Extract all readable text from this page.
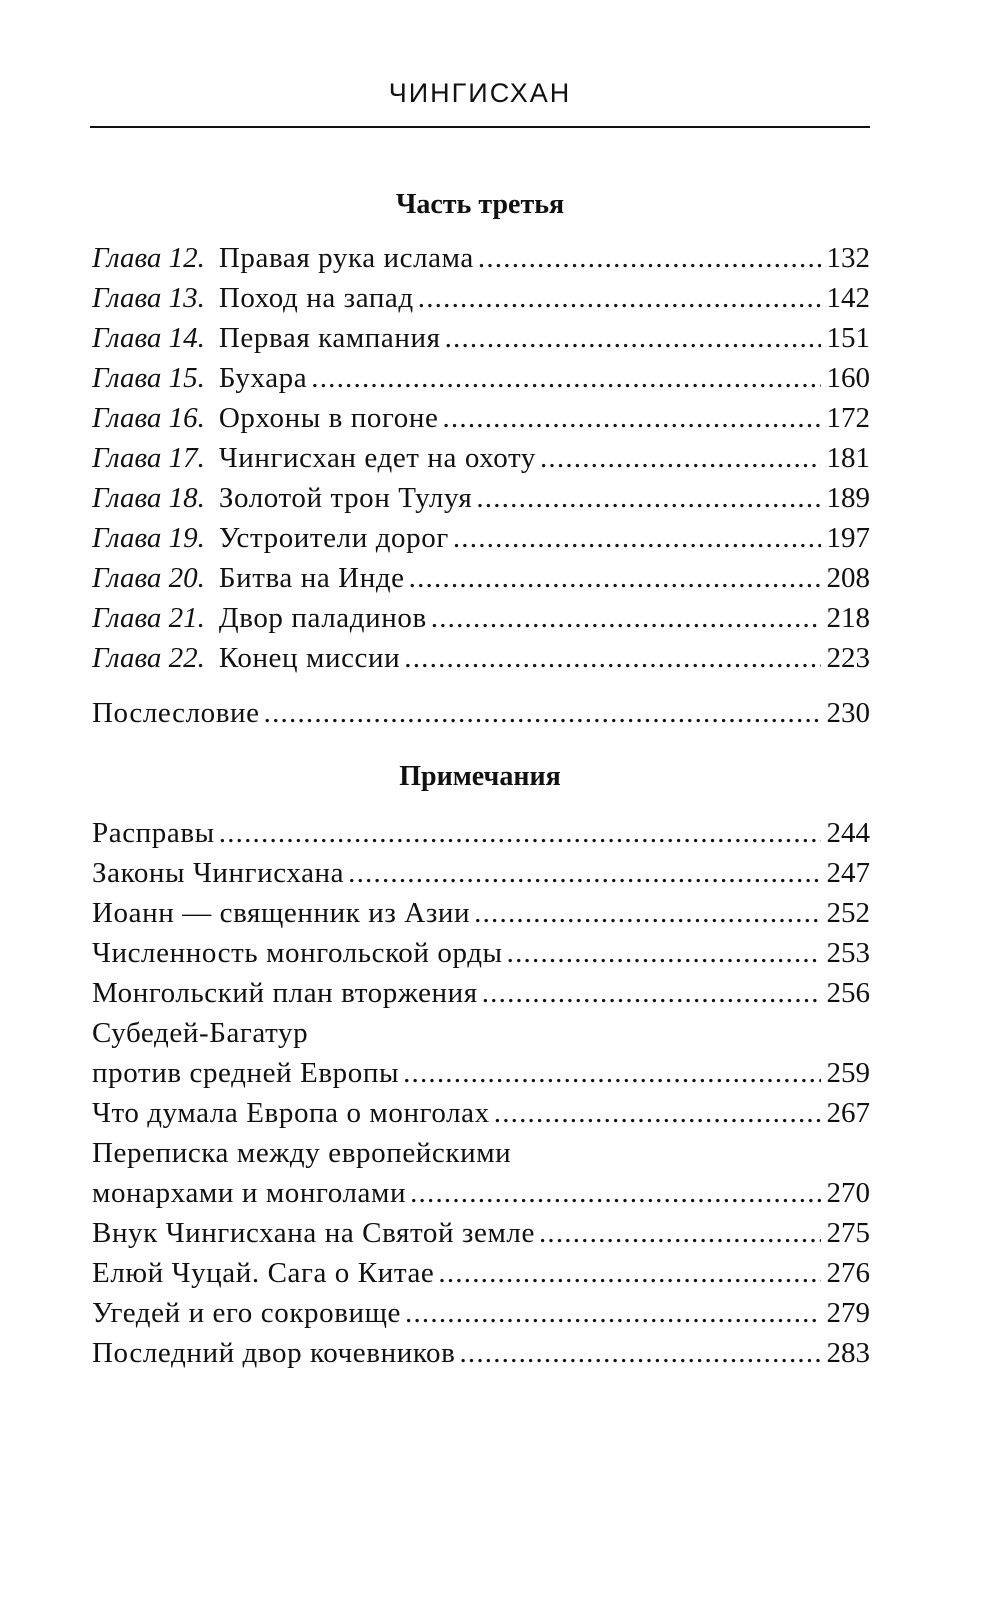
ЧИНГИСХАН
Часть третья
Глава 12. Правая рука ислама .....	132
Глава 13. Поход на запад .....	142
Глава 14. Первая кампания .....	151
Глава 15. Бухара .....	160
Глава 16. Орхоны в погоне .....	172
Глава 17. Чингисхан едет на охоту .....	181
Глава 18. Золотой трон Тулуя .....	189
Глава 19. Устроители дорог .....	197
Глава 20. Битва на Инде .....	208
Глава 21. Двор паладинов .....	218
Глава 22. Конец миссии .....	223
Послесловие .....	230
Примечания
Расправы .....	244
Законы Чингисхана .....	247
Иоанн — священник из Азии .....	252
Численность монгольской орды .....	253
Монгольский план вторжения .....	256
Субедей-Багатур
против средней Европы .....	259
Что думала Европа о монголах .....	267
Переписка между европейскими
монархами и монголами .....	270
Внук Чингисхана на Святой земле .....	275
Елюй Чуцай. Сага о Китае .....	276
Угедей и его сокровище .....	279
Последний двор кочевников .....	283
